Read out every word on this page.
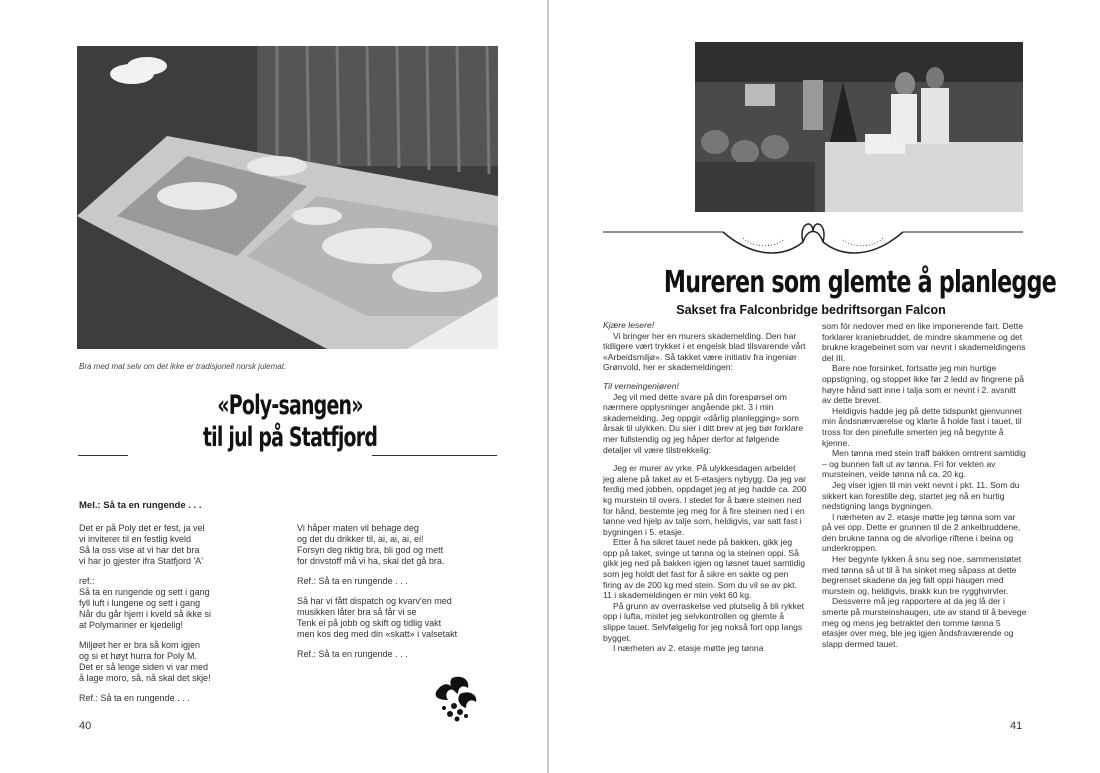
Bra med mat selv om det ikke er tradisjonell norsk julemat.
«Poly-sangen»
til jul på Statfjord
Mel.: Så ta en rungende . . .

Det er på Poly det er fest, ja vel
vi inviterer til en festlig kveld
Så la oss vise at vi har det bra
vi har jo gjester ifra Statfjord 'A'

ref.:
Så ta en rungende og sett i gang
fyll luft i lungene og sett i gang
Når du går hjem i kveld så ikke si
at Polymariner er kjedelig!

Miljøet her er bra så kom igjen
og si et høyt hurra for Poly M.
Det er så lenge siden vi var med
å lage moro, så, nå skal det skje!

Ref.: Så ta en rungende . . .

Vi håper maten vil behage deg
og det du drikker til, ai, ai, ai, ei!
Forsyn deg riktig bra, bli god og mett
for drivstoff må vi ha, skal det gå bra.

Ref.: Så ta en rungende . . .

Så har vi fått dispatch og kvarv'en med
musikken låter bra så får vi se
Tenk ei på jobb og skift og tidlig vakt
men kos deg med din «skatt» i valsetakt

Ref.: Så ta en rungende . . .

40
Mureren som glemte å planlegge
Sakset fra Falconbridge bedriftsorgan Falcon

Kjære lesere!

Vi bringer her en murers skademelding. Den har tidligere vært trykket i et engelsk blad tilsvarende vårt «Arbeidsmiljø». Så takket være initiativ fra ingeniør Grønvold, her er skademeldingen:

Til verneingeniøren!

Jeg vil med dette svare på din forespørsel om nærmere opplysninger angående pkt. 3 i min skademelding. Jeg oppgir «dårlig planlegging» som årsak til ulykken. Du sier i ditt brev at jeg bør forklare mer fullstendig og jeg håper derfor at følgende detaljer vil være tilstrekkelig:

Jeg er murer av yrke. På ulykkesdagen arbeidet jeg alene på taket av et 5-etasjers nybygg. Da jeg var ferdig med jobben, oppdaget jeg at jeg hadde ca. 200 kg murstein til overs. I stedet for å bære steinen ned for hånd, bestemte jeg meg for å fire steinen ned i en tønne ved hjelp av talje som, heldigvis, var satt fast i bygningen i 5. etasje.

Etter å ha sikret tauet nede på bakken, gikk jeg opp på taket, svinge ut tønna og la steinen oppi. Så gikk jeg ned på bakken igjen og løsnet tauet samtidig som jeg holdt det fast for å sikre en sakte og pen firing av de 200 kg med stein. Som du vil se av pkt. 11 i skademeldingen er min vekt 60 kg.

På grunn av overraskelse ved plutselig å bli rykket opp i lufta, mistet jeg selvkontrollen og glemte å slippe tauet. Selvfølgelig for jeg nokså fort opp langs bygget.

I nærheten av 2. etasje møtte jeg tønna

som fór nedover med en like imponerende fart. Dette forklarer kraniebruddet, de mindre skammene og det brukne kragebeinet som var nevnt i skademeldingens del III.

Bare noe forsinket, fortsatte jeg min hurtige oppstigning, og stoppet ikke før 2 ledd av fingrene på høyre hånd satt inne i talja som er nevnt i 2. avsnitt av dette brevet.

Heldigvis hadde jeg på dette tidspunkt gjenvunnet min åndsnærværelse og klarte å holde fast i tauet, til tross for den pinefulle smerten jeg nå begynte å kjenne.

Men tønna med stein traff bakken omtrent samtidig – og bunnen falt ut av tønna. Fri for vekten av mursteinen, veide tønna nå ca. 20 kg.

Jeg viser igjen til min vekt nevnt i pkt. 11. Som du sikkert kan forestille deg, startet jeg nå en hurtig nedstigning langs bygningen.

I nærheten av 2. etasje møtte jeg tønna som var på vei opp. Dette er grunnen til de 2 ankelbruddene, den brukne tanna og de alvorlige riftene i beina og underkroppen.

Her begynte lykken å snu seg noe, sammenstøtet med tønna så ut til å ha sinket meg såpass at dette begrenset skadene da jeg falt oppi haugen med murstein og, heldigvis, brakk kun tre rygghvirvler.

Dessverre må jeg rapportere at da jeg lå der i smerte på mursteinshaugen, ute av stand til å bevege meg og mens jeg betraktet den tomme tønna 5 etasjer over meg, ble jeg igjen åndsfraværende og slapp dermed tauet.

41
